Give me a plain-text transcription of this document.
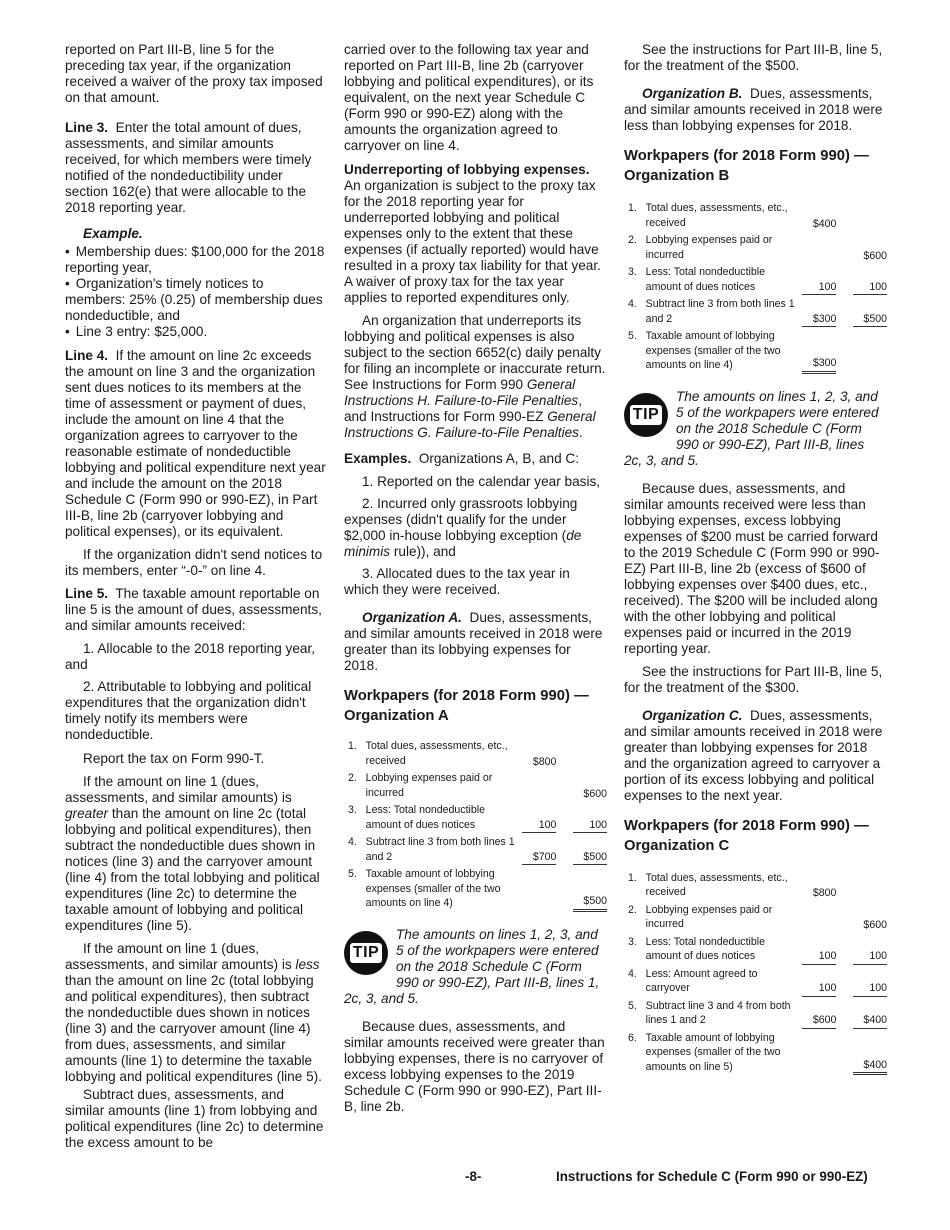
reported on Part III-B, line 5 for the preceding tax year, if the organization received a waiver of the proxy tax imposed on that amount.

Line 3. Enter the total amount of dues, assessments, and similar amounts received, for which members were timely notified of the nondeductibility under section 162(e) that were allocable to the 2018 reporting year.

Example.
• Membership dues: $100,000 for the 2018 reporting year,
• Organization's timely notices to members: 25% (0.25) of membership dues nondeductible, and
• Line 3 entry: $25,000.

Line 4. If the amount on line 2c exceeds the amount on line 3 and the organization sent dues notices to its members at the time of assessment or payment of dues, include the amount on line 4 that the organization agrees to carryover to the reasonable estimate of nondeductible lobbying and political expenditure next year and include the amount on the 2018 Schedule C (Form 990 or 990-EZ), in Part III-B, line 2b (carryover lobbying and political expenses), or its equivalent.

If the organization didn't send notices to its members, enter “-0-” on line 4.

Line 5. The taxable amount reportable on line 5 is the amount of dues, assessments, and similar amounts received:

1. Allocable to the 2018 reporting year, and

2. Attributable to lobbying and political expenditures that the organization didn't timely notify its members were nondeductible.

Report the tax on Form 990-T.

If the amount on line 1 (dues, assessments, and similar amounts) is greater than the amount on line 2c (total lobbying and political expenditures), then subtract the nondeductible dues shown in notices (line 3) and the carryover amount (line 4) from the total lobbying and political expenditures (line 2c) to determine the taxable amount of lobbying and political expenditures (line 5).

If the amount on line 1 (dues, assessments, and similar amounts) is less than the amount on line 2c (total lobbying and political expenditures), then subtract the nondeductible dues shown in notices (line 3) and the carryover amount (line 4) from dues, assessments, and similar amounts (line 1) to determine the taxable lobbying and political expenditures (line 5).

Subtract dues, assessments, and similar amounts (line 1) from lobbying and political expenditures (line 2c) to determine the excess amount to be

carried over to the following tax year and reported on Part III-B, line 2b (carryover lobbying and political expenditures), or its equivalent, on the next year Schedule C (Form 990 or 990-EZ) along with the amounts the organization agreed to carryover on line 4.

Underreporting of lobbying expenses. An organization is subject to the proxy tax for the 2018 reporting year for underreported lobbying and political expenses only to the extent that these expenses (if actually reported) would have resulted in a proxy tax liability for that year. A waiver of proxy tax for the tax year applies to reported expenditures only.

An organization that underreports its lobbying and political expenses is also subject to the section 6652(c) daily penalty for filing an incomplete or inaccurate return. See Instructions for Form 990 General Instructions H. Failure-to-File Penalties, and Instructions for Form 990-EZ General Instructions G. Failure-to-File Penalties.

Examples. Organizations A, B, and C:

1. Reported on the calendar year basis,

2. Incurred only grassroots lobbying expenses (didn't qualify for the under $2,000 in-house lobbying exception (de minimis rule)), and

3. Allocated dues to the tax year in which they were received.

Organization A. Dues, assessments, and similar amounts received in 2018 were greater than its lobbying expenses for 2018.

Workpapers (for 2018 Form 990) — Organization A
1.	Total dues, assessments, etc., received	$800		
2.	Lobbying expenses paid or incurred			$600
3.	Less: Total nondeductible amount of dues notices	100		100
4.	Subtract line 3 from both lines 1 and 2	$700		$500
5.	Taxable amount of lobbying expenses (smaller of the two amounts on line 4)			$500
TIP
The amounts on lines 1, 2, 3, and 5 of the workpapers were entered on the 2018 Schedule C (Form 990 or 990-EZ), Part III-B, lines 1, 2c, 3, and 5.

Because dues, assessments, and similar amounts received were greater than lobbying expenses, there is no carryover of excess lobbying expenses to the 2019 Schedule C (Form 990 or 990-EZ), Part III-B, line 2b.

See the instructions for Part III-B, line 5, for the treatment of the $500.

Organization B. Dues, assessments, and similar amounts received in 2018 were less than lobbying expenses for 2018.

Workpapers (for 2018 Form 990) — Organization B
1.	Total dues, assessments, etc., received	$400		
2.	Lobbying expenses paid or incurred			$600
3.	Less: Total nondeductible amount of dues notices	100		100
4.	Subtract line 3 from both lines 1 and 2	$300		$500
5.	Taxable amount of lobbying expenses (smaller of the two amounts on line 4)	$300		
TIP
The amounts on lines 1, 2, 3, and 5 of the workpapers were entered on the 2018 Schedule C (Form 990 or 990-EZ), Part III-B, lines 2c, 3, and 5.

Because dues, assessments, and similar amounts received were less than lobbying expenses, excess lobbying expenses of $200 must be carried forward to the 2019 Schedule C (Form 990 or 990-EZ) Part III-B, line 2b (excess of $600 of lobbying expenses over $400 dues, etc., received). The $200 will be included along with the other lobbying and political expenses paid or incurred in the 2019 reporting year.

See the instructions for Part III-B, line 5, for the treatment of the $300.

Organization C. Dues, assessments, and similar amounts received in 2018 were greater than lobbying expenses for 2018 and the organization agreed to carryover a portion of its excess lobbying and political expenses to the next year.

Workpapers (for 2018 Form 990) — Organization C
1.	Total dues, assessments, etc., received	$800		
2.	Lobbying expenses paid or incurred			$600
3.	Less: Total nondeductible amount of dues notices	100		100
4.	Less: Amount agreed to carryover	100		100
5.	Subtract line 3 and 4 from both lines 1 and 2	$600		$400
6.	Taxable amount of lobbying expenses (smaller of the two amounts on line 5)			$400
-8-	Instructions for Schedule C (Form 990 or 990-EZ)
